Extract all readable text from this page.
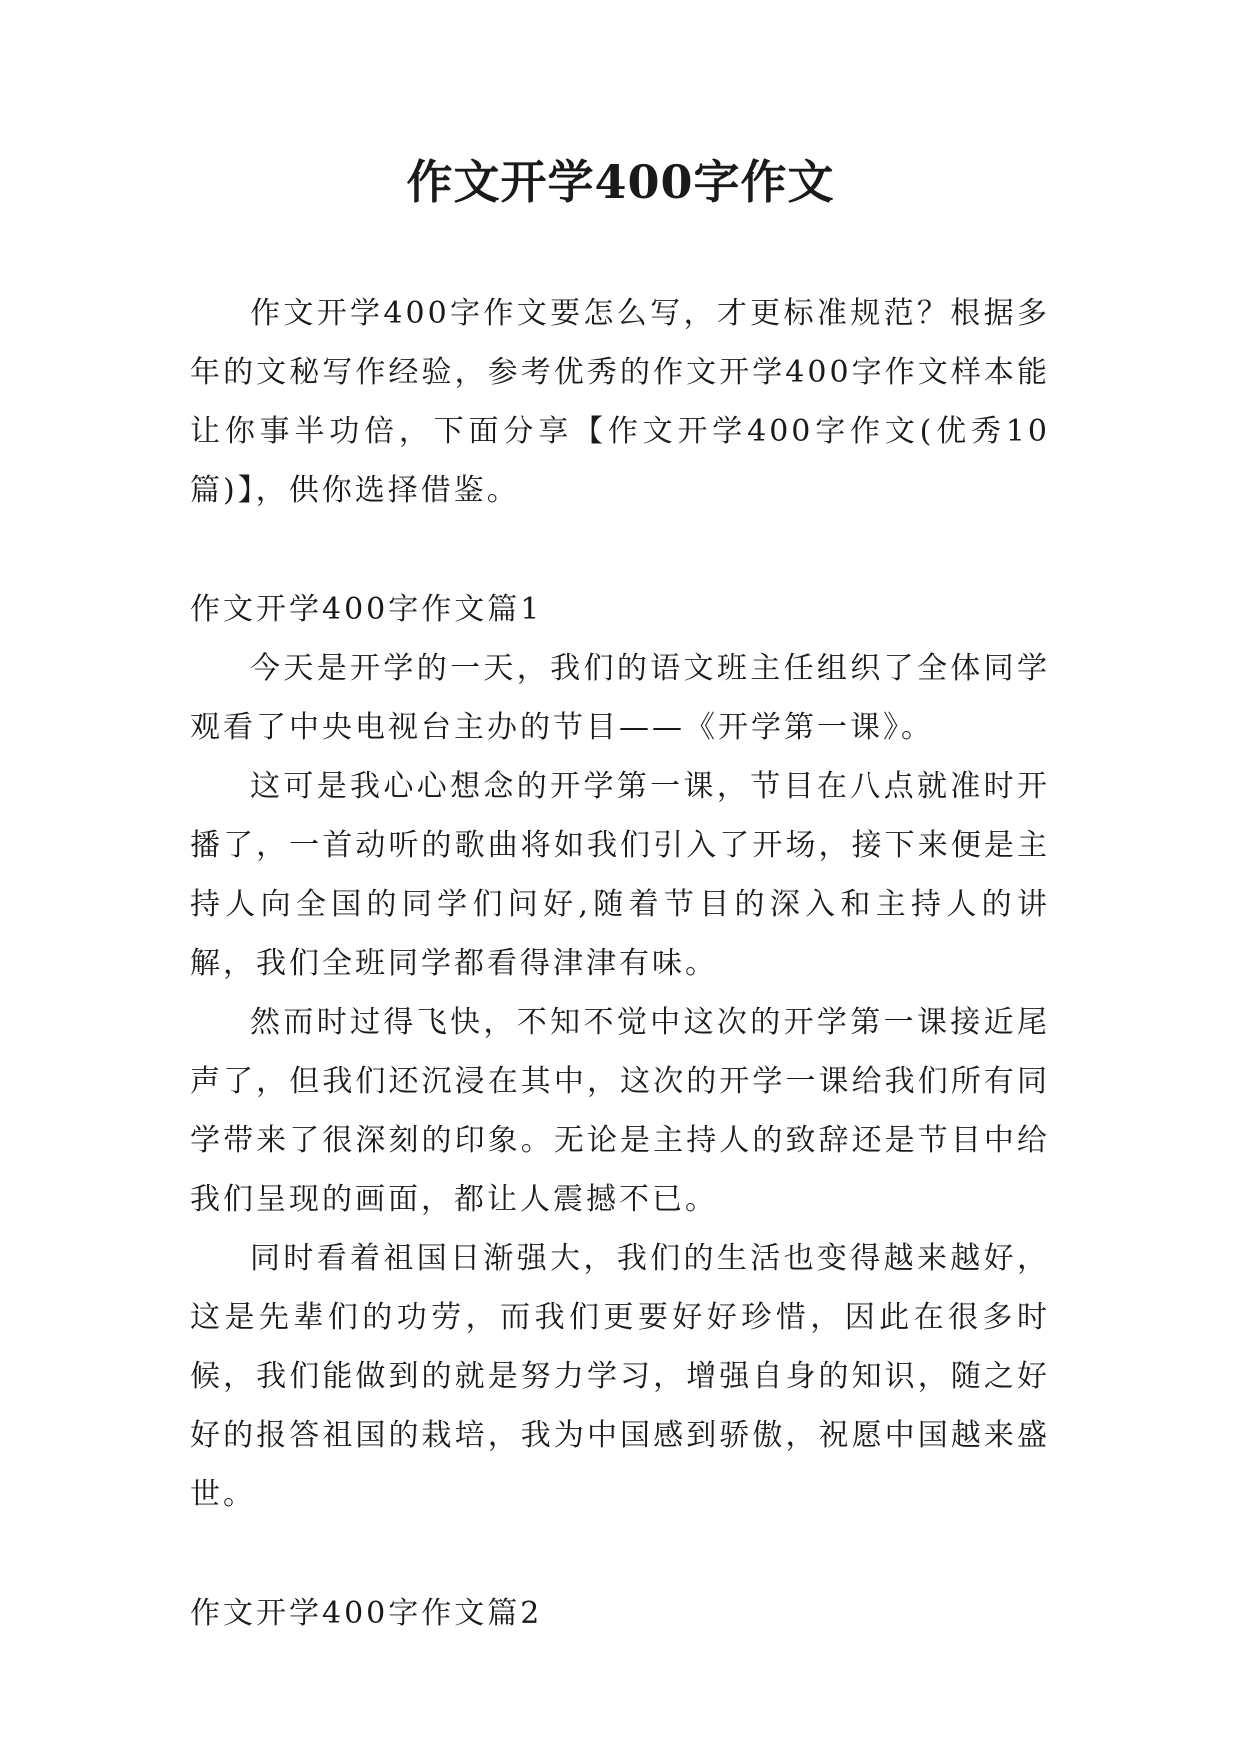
作文开学400字作文

作文开学400字作文要怎么写，才更标准规范？根据多年的文秘写作经验，参考优秀的作文开学400字作文样本能让你事半功倍，下面分享【作文开学400字作文(优秀10篇)】，供你选择借鉴。

作文开学400字作文篇1

今天是开学的一天，我们的语文班主任组织了全体同学观看了中央电视台主办的节目——《开学第一课》。

这可是我心心想念的开学第一课，节目在八点就准时开播了，一首动听的歌曲将如我们引入了开场，接下来便是主持人向全国的同学们问好,随着节目的深入和主持人的讲解，我们全班同学都看得津津有味。

然而时过得飞快，不知不觉中这次的开学第一课接近尾声了，但我们还沉浸在其中，这次的开学一课给我们所有同学带来了很深刻的印象。无论是主持人的致辞还是节目中给我们呈现的画面，都让人震撼不已。

同时看着祖国日渐强大，我们的生活也变得越来越好，这是先辈们的功劳，而我们更要好好珍惜，因此在很多时候，我们能做到的就是努力学习，增强自身的知识，随之好好的报答祖国的栽培，我为中国感到骄傲，祝愿中国越来盛世。

作文开学400字作文篇2
